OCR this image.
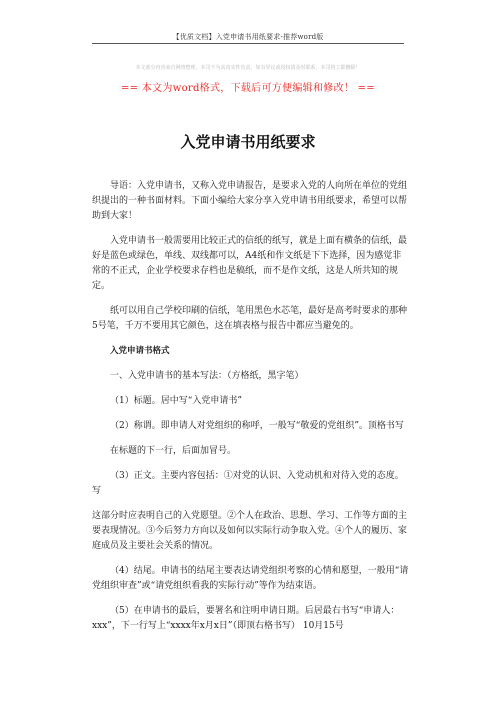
【优质文档】入党申请书用纸要求-推荐word版
本文部分内容来自网络整理，本司不为其真实性负责，如有异议或侵权请及时联系，本司将立即删除！
== 本文为word格式，下载后可方便编辑和修改！ ==
入党申请书用纸要求

导语：入党申请书，又称入党申请报告，是要求入党的人向所在单位的党组织提出的一种书面材料。下面小编给大家分享入党申请书用纸要求，希望可以帮助到大家！

入党申请书一般需要用比较正式的信纸的纸写，就是上面有横条的信纸，最好是蓝色或绿色，单线、双线都可以，A4纸和作文纸是下下选择，因为感觉非常的不正式，企业学校要求存档也是稿纸，而不是作文纸，这是人所共知的规定。

纸可以用自己学校印刷的信纸，笔用黑色水芯笔，最好是高考时要求的那种5号笔，千万不要用其它颜色，这在填表格与报告中都应当避免的。

入党申请书格式

一、入党申请书的基本写法：（方格纸，黑字笔）

（1）标题。居中写“入党申请书”

（2）称谓。即申请人对党组织的称呼，一般写“敬爱的党组织”。顶格书写

在标题的下一行，后面加冒号。

（3）正文。主要内容包括：①对党的认识、入党动机和对待入党的态度。写

这部分时应表明自己的入党愿望。②个人在政治、思想、学习、工作等方面的主要表现情况。③今后努力方向以及如何以实际行动争取入党。④个人的履历、家庭成员及主要社会关系的情况。

（4）结尾。申请书的结尾主要表达请党组织考察的心情和愿望，一般用“请党组织审查”或“请党组织看我的实际行动”等作为结束语。

（5）在申请书的最后，要署名和注明申请日期。后居最右书写“申请人：xxx”，下一行写上“xxxx年x月x日”（即顶右格书写） 10月15号
